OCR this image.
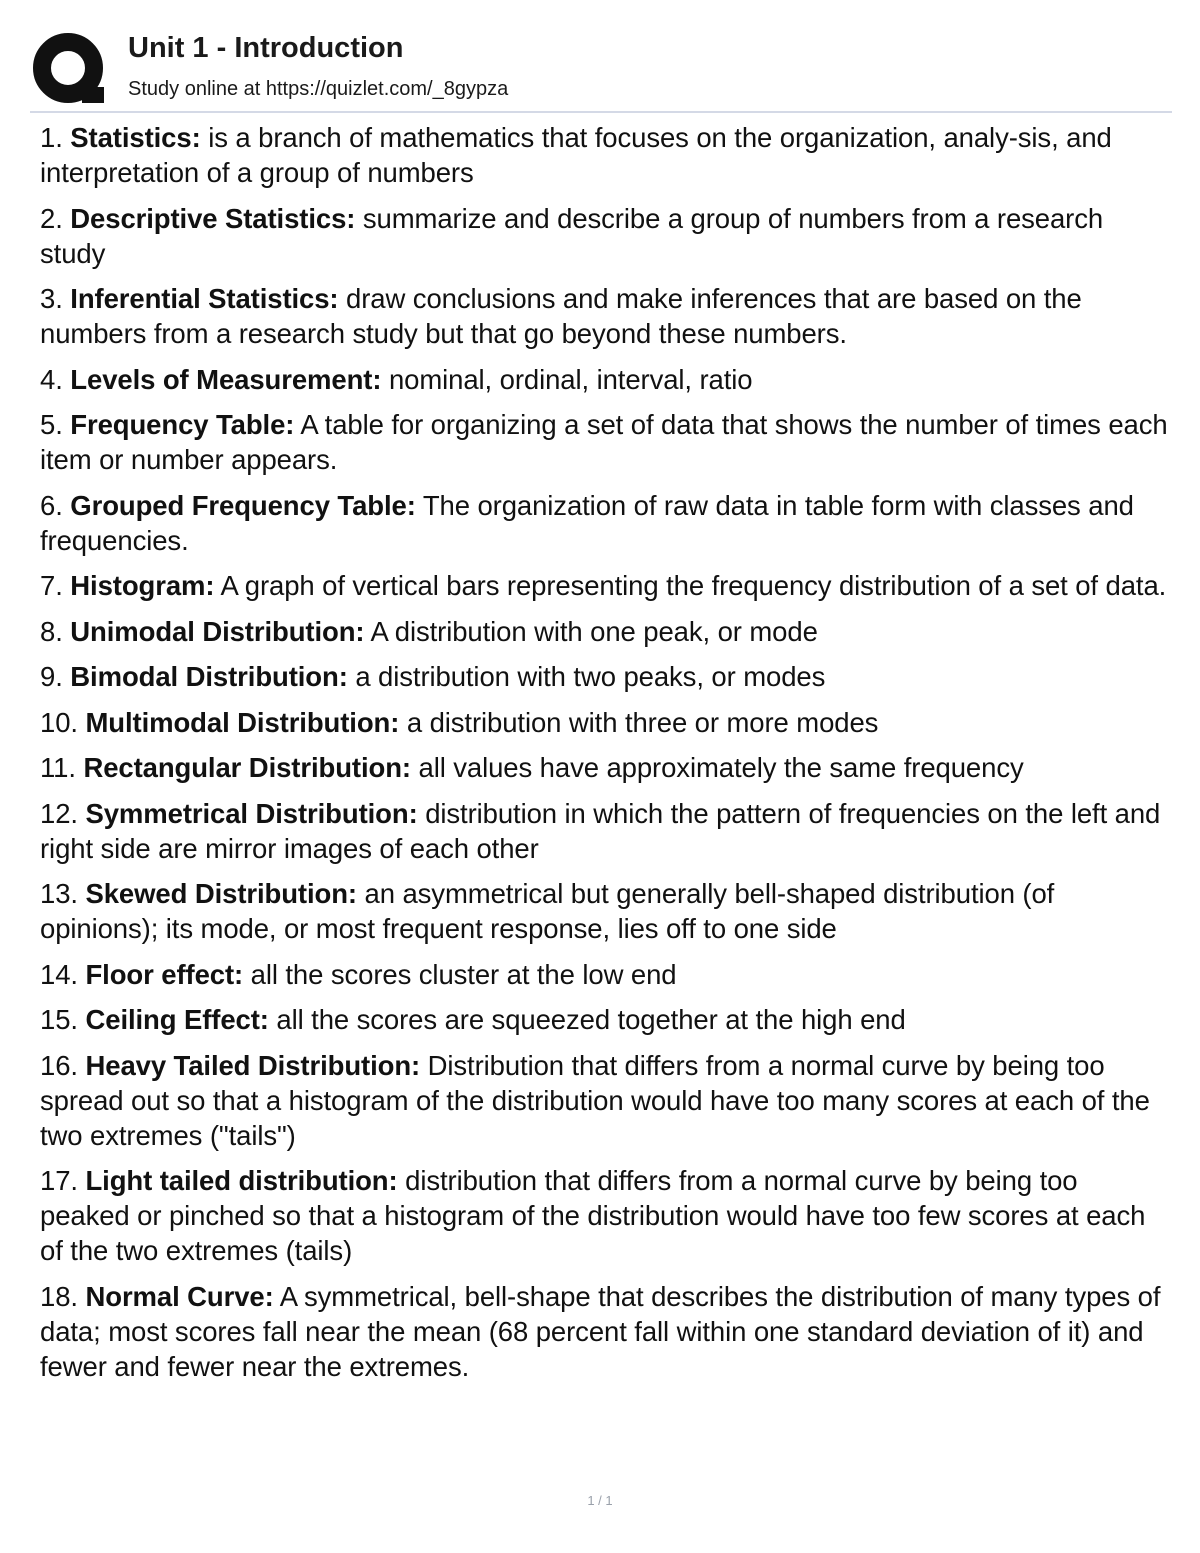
Unit 1 - Introduction
Study online at https://quizlet.com/_8gypza
1. Statistics: is a branch of mathematics that focuses on the organization, analy-sis, and interpretation of a group of numbers
2. Descriptive Statistics: summarize and describe a group of numbers from a research study
3. Inferential Statistics: draw conclusions and make inferences that are based on the numbers from a research study but that go beyond these numbers.
4. Levels of Measurement: nominal, ordinal, interval, ratio
5. Frequency Table: A table for organizing a set of data that shows the number of times each item or number appears.
6. Grouped Frequency Table: The organization of raw data in table form with classes and frequencies.
7. Histogram: A graph of vertical bars representing the frequency distribution of a set of data.
8. Unimodal Distribution: A distribution with one peak, or mode
9. Bimodal Distribution: a distribution with two peaks, or modes
10. Multimodal Distribution: a distribution with three or more modes
11. Rectangular Distribution: all values have approximately the same frequency
12. Symmetrical Distribution: distribution in which the pattern of frequencies on the left and right side are mirror images of each other
13. Skewed Distribution: an asymmetrical but generally bell-shaped distribution (of opinions); its mode, or most frequent response, lies off to one side
14. Floor effect: all the scores cluster at the low end
15. Ceiling Effect: all the scores are squeezed together at the high end
16. Heavy Tailed Distribution: Distribution that differs from a normal curve by being too spread out so that a histogram of the distribution would have too many scores at each of the two extremes ("tails")
17. Light tailed distribution: distribution that differs from a normal curve by being too peaked or pinched so that a histogram of the distribution would have too few scores at each of the two extremes (tails)
18. Normal Curve: A symmetrical, bell-shape that describes the distribution of many types of data; most scores fall near the mean (68 percent fall within one standard deviation of it) and fewer and fewer near the extremes.
1 / 1
